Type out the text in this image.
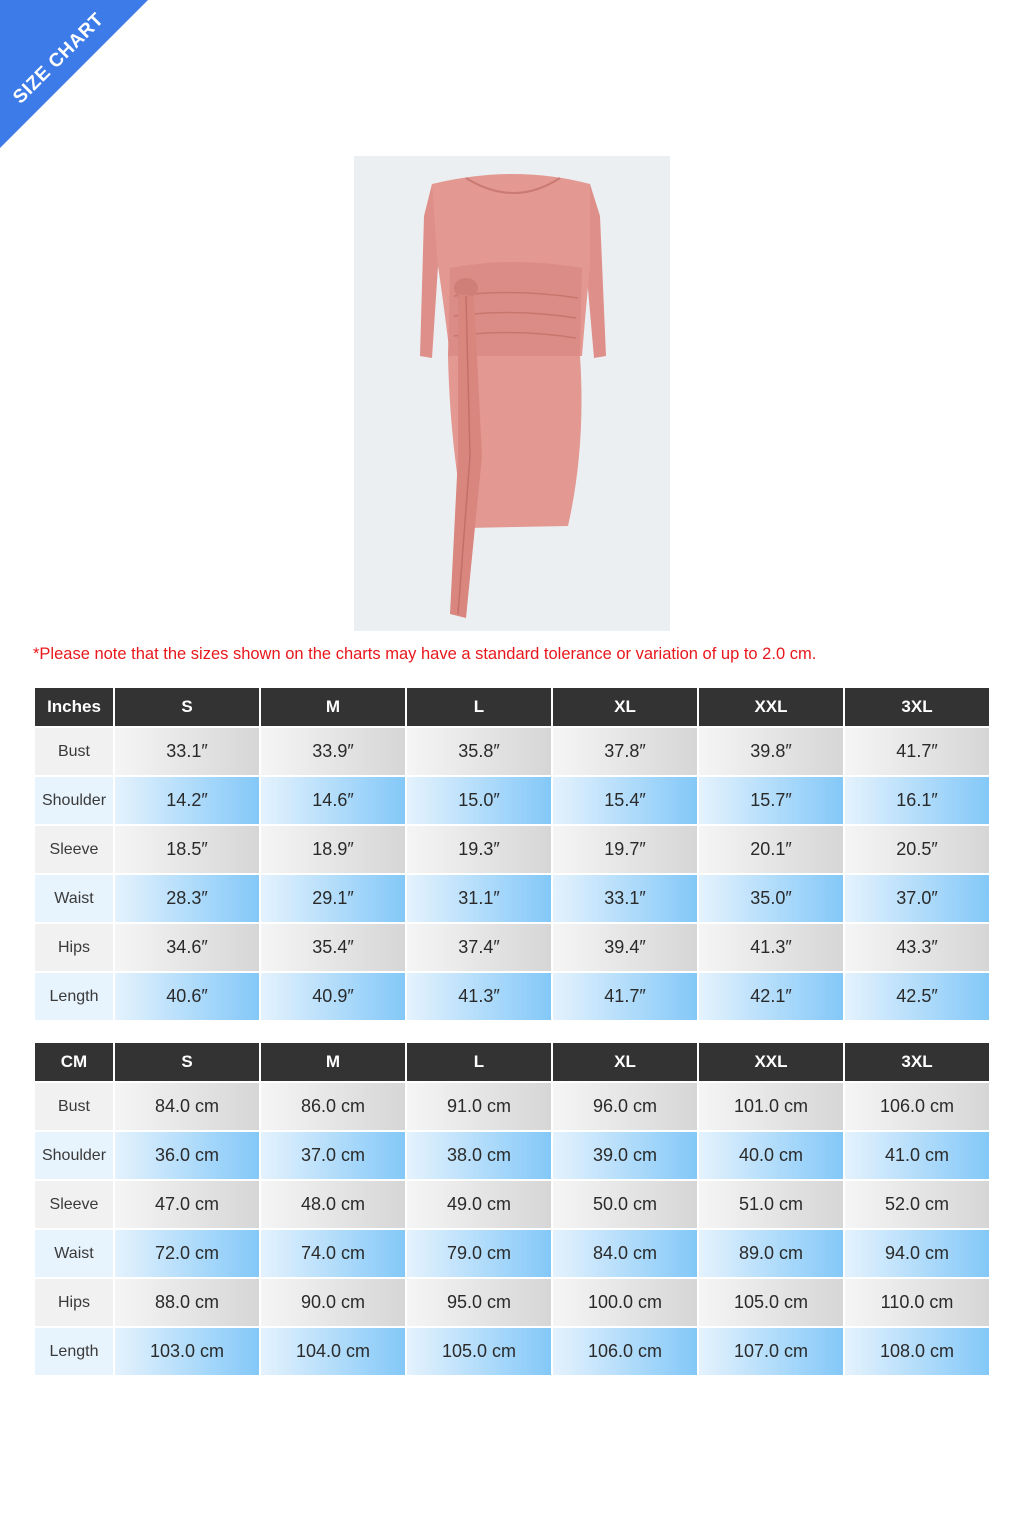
SIZE CHART
*Please note that the sizes shown on the charts may have a standard tolerance or variation of up to 2.0 cm.
Inches	S	M	L	XL	XXL	3XL
Bust	33.1″	33.9″	35.8″	37.8″	39.8″	41.7″
Shoulder	14.2″	14.6″	15.0″	15.4″	15.7″	16.1″
Sleeve	18.5″	18.9″	19.3″	19.7″	20.1″	20.5″
Waist	28.3″	29.1″	31.1″	33.1″	35.0″	37.0″
Hips	34.6″	35.4″	37.4″	39.4″	41.3″	43.3″
Length	40.6″	40.9″	41.3″	41.7″	42.1″	42.5″
CM	S	M	L	XL	XXL	3XL
Bust	84.0 cm	86.0 cm	91.0 cm	96.0 cm	101.0 cm	106.0 cm
Shoulder	36.0 cm	37.0 cm	38.0 cm	39.0 cm	40.0 cm	41.0 cm
Sleeve	47.0 cm	48.0 cm	49.0 cm	50.0 cm	51.0 cm	52.0 cm
Waist	72.0 cm	74.0 cm	79.0 cm	84.0 cm	89.0 cm	94.0 cm
Hips	88.0 cm	90.0 cm	95.0 cm	100.0 cm	105.0 cm	110.0 cm
Length	103.0 cm	104.0 cm	105.0 cm	106.0 cm	107.0 cm	108.0 cm
